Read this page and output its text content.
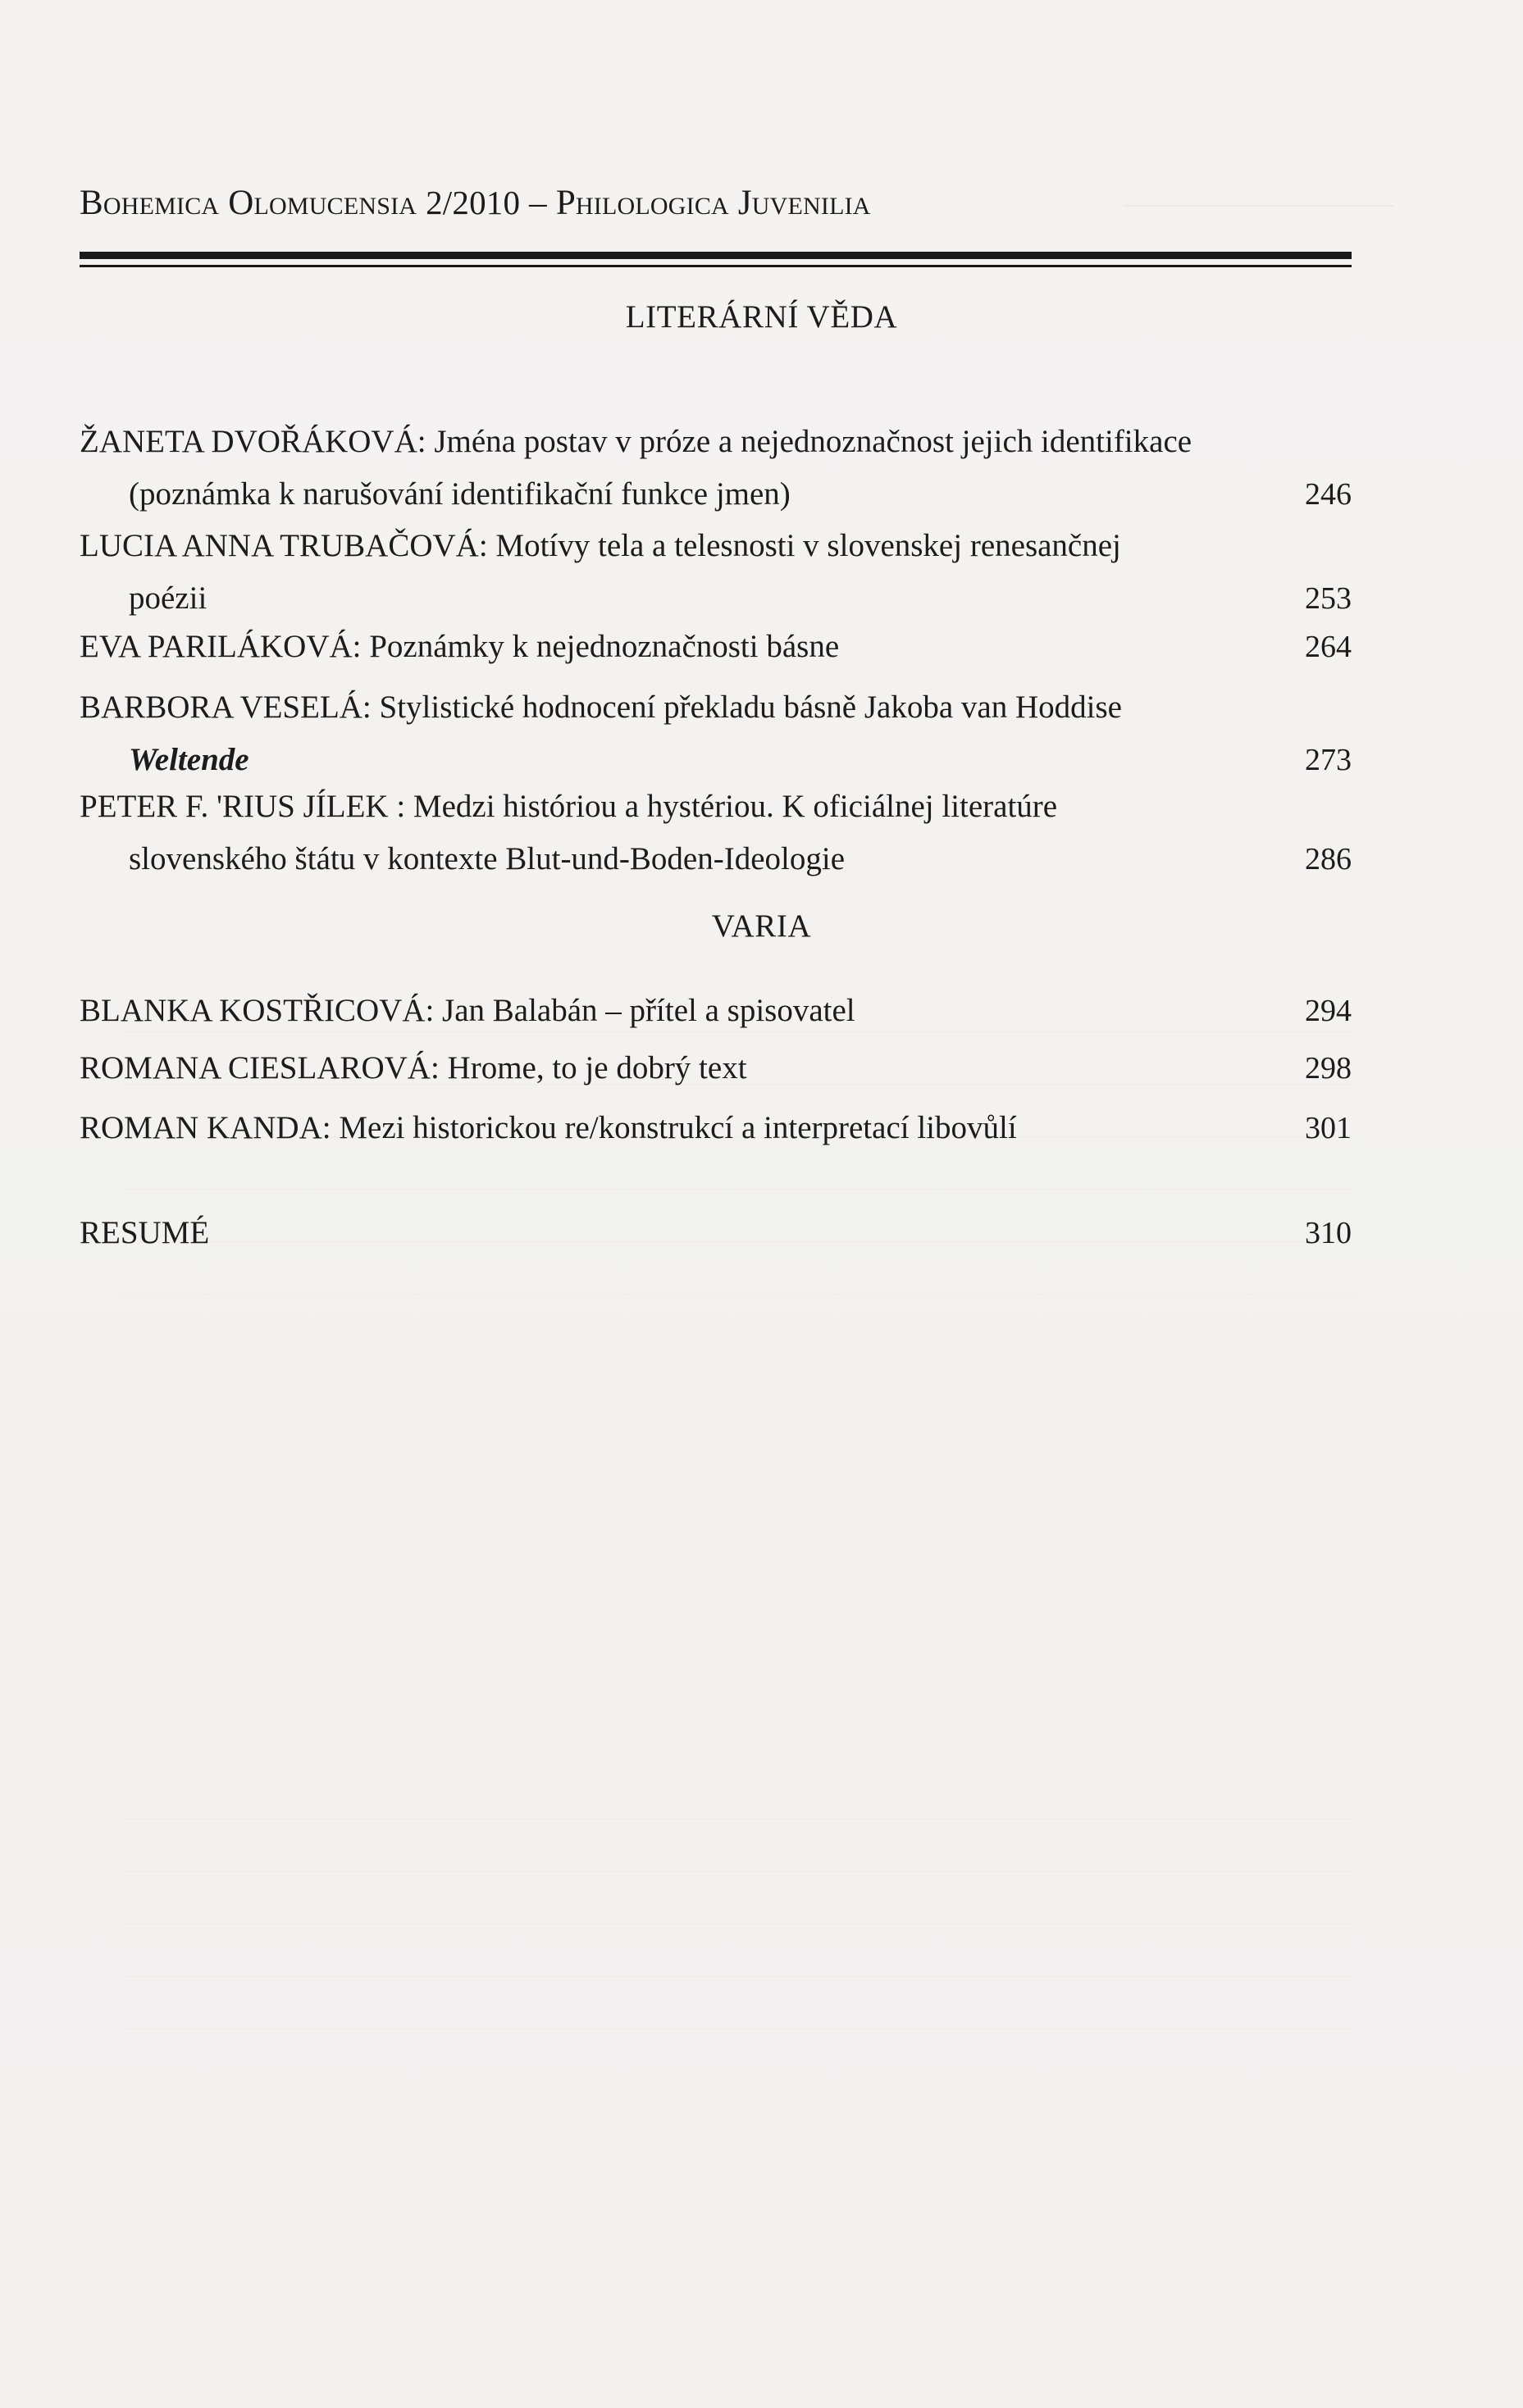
Bohemica Olomucensia 2/2010 – Philologica Juvenilia
LITERÁRNÍ VĚDA
ŽANETA DVOŘÁKOVÁ: Jména postav v próze a nejednoznačnost jejich identifikace
(poznámka k narušování identifikační funkce jmen)	246
LUCIA ANNA TRUBAČOVÁ: Motívy tela a telesnosti v slovenskej renesančnej
poézii	253
EVA PARILÁKOVÁ: Poznámky k nejednoznačnosti básne	264
BARBORA VESELÁ: Stylistické hodnocení překladu básně Jakoba van Hoddise
Weltende	273
PETER F. 'RIUS JÍLEK : Medzi históriou a hystériou. K oficiálnej literatúre
slovenského štátu v kontexte Blut-und-Boden-Ideologie	286
VARIA
BLANKA KOSTŘICOVÁ: Jan Balabán – přítel a spisovatel	294
ROMANA CIESLAROVÁ: Hrome, to je dobrý text	298
ROMAN KANDA: Mezi historickou re/konstrukcí a interpretací libovůlí	301
RESUMÉ	310
